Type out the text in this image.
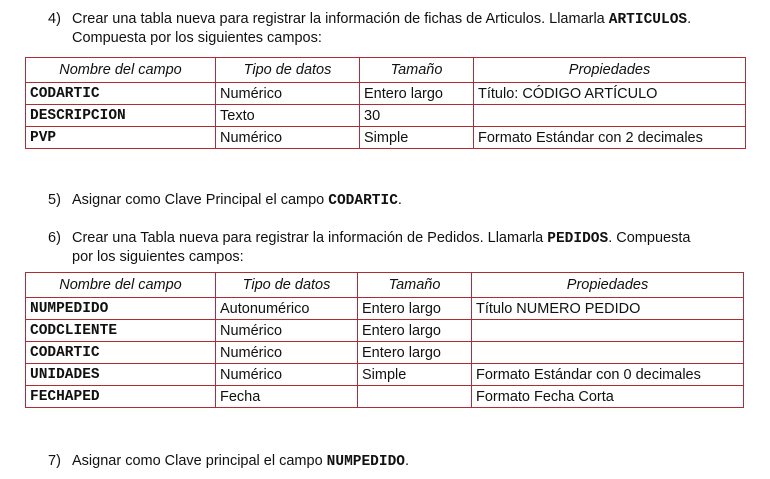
4) Crear una tabla nueva para registrar la información de fichas de Articulos. Llamarla ARTICULOS.
Compuesta por los siguientes campos:
Nombre del campo	Tipo de datos	Tamaño	Propiedades
CODARTIC	Numérico	Entero largo	Título: CÓDIGO ARTÍCULO
DESCRIPCION	Texto	30	
PVP	Numérico	Simple	Formato Estándar con 2 decimales
5) Asignar como Clave Principal el campo CODARTIC.
6) Crear una Tabla nueva para registrar la información de Pedidos. Llamarla PEDIDOS. Compuesta
por los siguientes campos:
Nombre del campo	Tipo de datos	Tamaño	Propiedades
NUMPEDIDO	Autonumérico	Entero largo	Título NUMERO PEDIDO
CODCLIENTE	Numérico	Entero largo	
CODARTIC	Numérico	Entero largo	
UNIDADES	Numérico	Simple	Formato Estándar con 0 decimales
FECHAPED	Fecha		Formato Fecha Corta
7) Asignar como Clave principal el campo NUMPEDIDO.
